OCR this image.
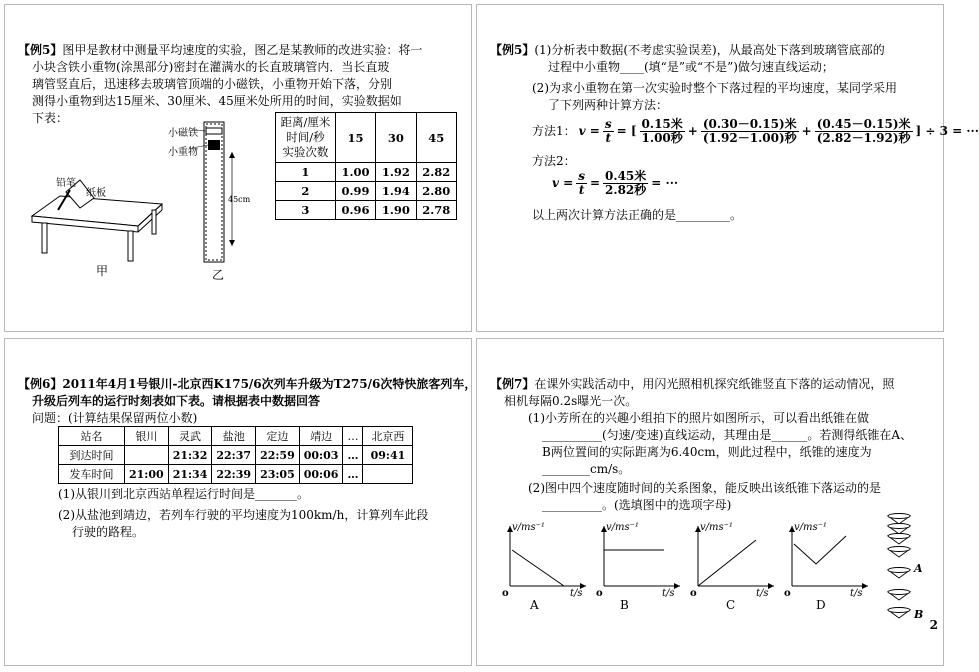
【例5】图甲是教材中测量平均速度的实验，图乙是某教师的改进实验：将一
小块含铁小重物(涂黑部分)密封在灌满水的长直玻璃管内．当长直玻
璃管竖直后，迅速移去玻璃管顶端的小磁铁，小重物开始下落，分别
测得小重物到达15厘米、30厘米、45厘米处所用的时间，实验数据如
下表：
铅笔
纸板
甲
小磁铁
小重物
45cm
乙
距离/厘米
时间/秒
实验次数	15	30	45
1	1.00	1.92	2.82
2	0.99	1.94	2.80
3	0.96	1.90	2.78
【例5】(1)分析表中数据(不考虑实验误差)，从最高处下落到玻璃管底部的
过程中小重物____(填“是”或“不是”)做匀速直线运动；
(2)为求小重物在第一次实验时整个下落过程的平均速度，某同学采用
了下列两种计算方法：
方法1： $v = \frac{s}{t}$ = [ $\frac{\text{0.15米}}{\text{1.00秒}} + \frac{\text{(0.30－0.15)米}}{\text{(1.92－1.00)秒}} + \frac{\text{(0.45－0.15)米}}{\text{(2.82－1.92)秒}}$ ] ÷ 3 = ···
方法2：
$v = \frac{s}{t} = \frac{\text{0.45米}}{\text{2.82秒}}$ = ···
以上两次计算方法正确的是_________。
【例6】2011年4月1号银川-北京西K175/6次列车升级为T275/6次特快旅客列车，
升级后列车的运行时刻表如下表。请根据表中数据回答
问题：(计算结果保留两位小数)
站名	银川	灵武	盐池	定边	靖边	…	北京西
到达时间		21:32	22:37	22:59	00:03	…	09:41
发车时间	21:00	21:34	22:39	23:05	00:06	…	
(1)从银川到北京西站单程运行时间是_______。
(2)从盐池到靖边，若列车行驶的平均速度为100km/h，计算列车此段
行驶的路程。
【例7】在课外实践活动中，用闪光照相机探究纸锥竖直下落的运动情况，照
相机每隔0.2s曝光一次。
(1)小芳所在的兴趣小组拍下的照片如图所示，可以看出纸锥在做
__________(匀速/变速)直线运动，其理由是______。若测得纸锥在A、
B两位置间的实际距离为6.40cm，则此过程中，纸锥的速度为
________cm/s。
(2)图中四个速度随时间的关系图象，能反映出该纸锥下落运动的是
__________。(选填图中的选项字母)
v/ms⁻¹
o	t/s
A
v/ms⁻¹
o	t/s
B
v/ms⁻¹
o	t/s
C
v/ms⁻¹
o	t/s
D
A
B
2
